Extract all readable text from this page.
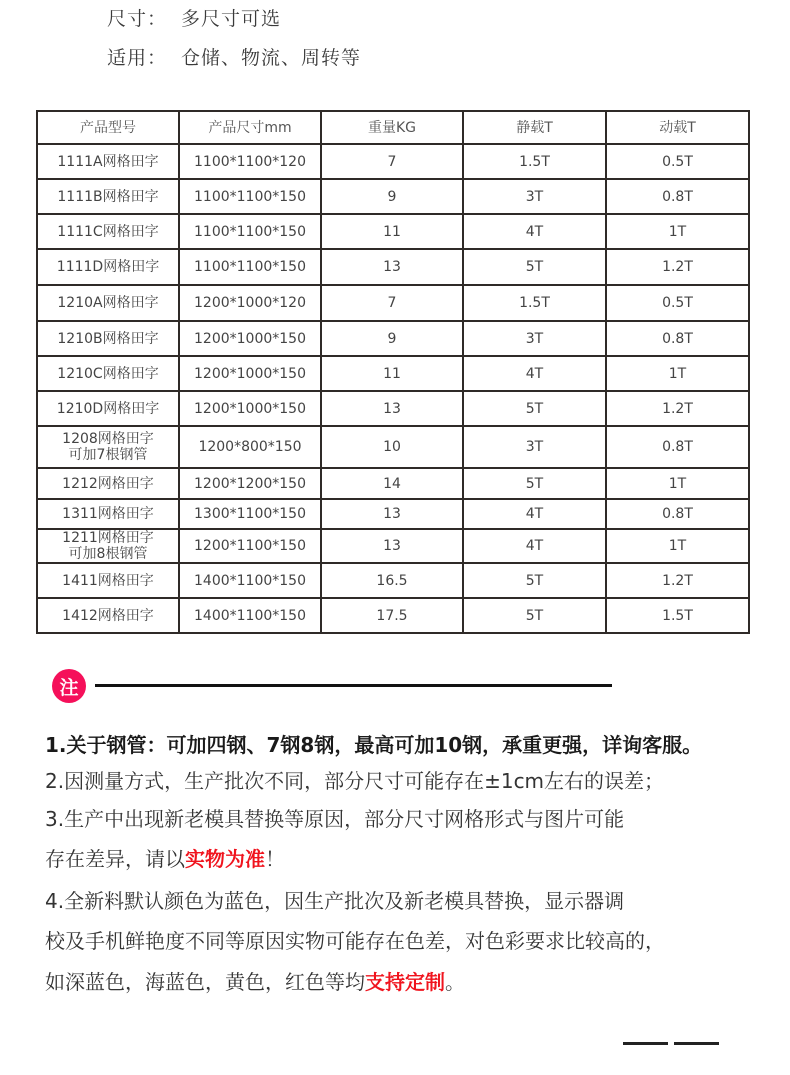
尺寸： 多尺寸可选
适用： 仓储、物流、周转等
产品型号	产品尺寸mm	重量KG	静载T	动载T
1111A网格田字	1100*1100*120	7	1.5T	0.5T
1111B网格田字	1100*1100*150	9	3T	0.8T
1111C网格田字	1100*1100*150	11	4T	1T
1111D网格田字	1100*1100*150	13	5T	1.2T
1210A网格田字	1200*1000*120	7	1.5T	0.5T
1210B网格田字	1200*1000*150	9	3T	0.8T
1210C网格田字	1200*1000*150	11	4T	1T
1210D网格田字	1200*1000*150	13	5T	1.2T
1208网格田字
可加7根钢管	1200*800*150	10	3T	0.8T
1212网格田字	1200*1200*150	14	5T	1T
1311网格田字	1300*1100*150	13	4T	0.8T
1211网格田字
可加8根钢管	1200*1100*150	13	4T	1T
1411网格田字	1400*1100*150	16.5	5T	1.2T
1412网格田字	1400*1100*150	17.5	5T	1.5T
注
1.关于钢管：可加四钢、7钢8钢，最高可加10钢，承重更强，详询客服。
2.因测量方式，生产批次不同，部分尺寸可能存在±1cm左右的误差；
3.生产中出现新老模具替换等原因，部分尺寸网格形式与图片可能
存在差异，请以实物为准！
4.全新料默认颜色为蓝色，因生产批次及新老模具替换，显示器调
校及手机鲜艳度不同等原因实物可能存在色差，对色彩要求比较高的，
如深蓝色，海蓝色，黄色，红色等均支持定制。
